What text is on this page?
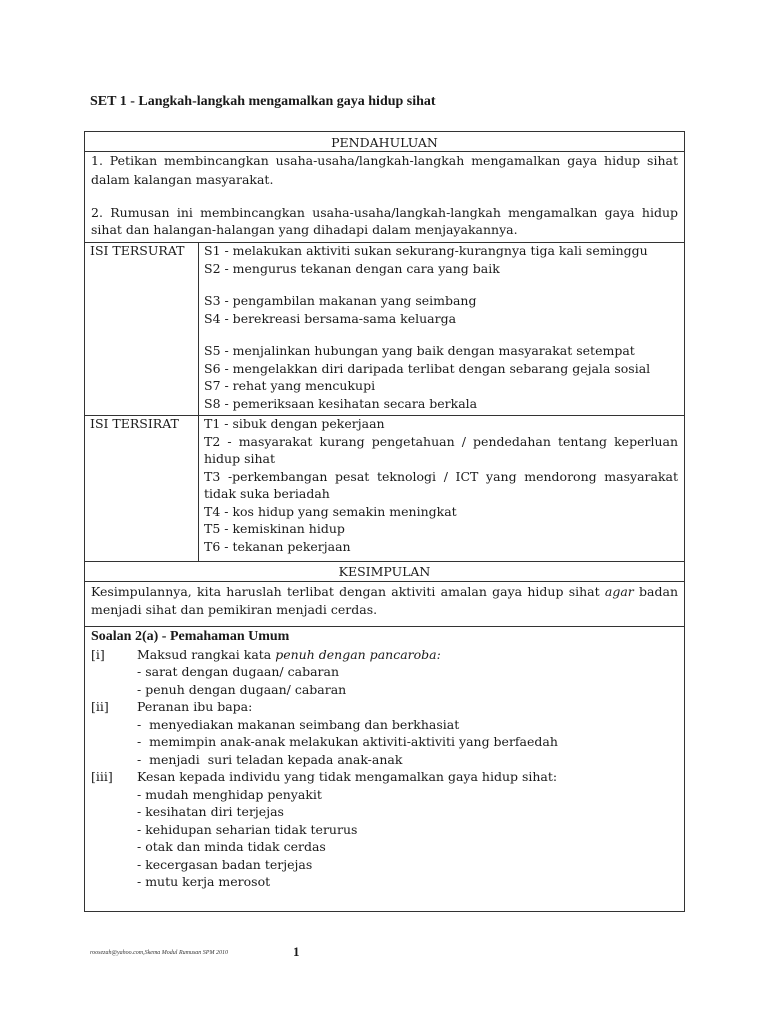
SET 1 - Langkah-langkah mengamalkan gaya hidup sihat
PENDAHULUAN

1. Petikan membincangkan usaha-usaha/langkah-langkah mengamalkan gaya hidup sihat dalam kalangan masyarakat.

2. Rumusan ini membincangkan usaha-usaha/langkah-langkah mengamalkan gaya hidup sihat dan halangan-halangan yang dihadapi dalam menjayakannya.

ISI TERSURAT	S1 - melakukan aktiviti sukan sekurang-kurangnya tiga kali seminggu

S2 - mengurus tekanan dengan cara yang baik

S3 - pengambilan makanan yang seimbang

S4 - berekreasi bersama-sama keluarga

S5 - menjalinkan hubungan yang baik dengan masyarakat setempat

S6 - mengelakkan diri daripada terlibat dengan sebarang gejala sosial

S7 - rehat yang mencukupi

S8 - pemeriksaan kesihatan secara berkala

ISI TERSIRAT	T1 - sibuk dengan pekerjaan

T2 - masyarakat kurang pengetahuan / pendedahan tentang keperluan hidup sihat

T3 -perkembangan pesat teknologi / ICT yang mendorong masyarakat tidak suka beriadah

T4 - kos hidup yang semakin meningkat

T5 - kemiskinan hidup

T6 - tekanan pekerjaan

KESIMPULAN
Kesimpulannya, kita haruslah terlibat dengan aktiviti amalan gaya hidup sihat agar badan menjadi sihat dan pemikiran menjadi cerdas.

Soalan 2(a) - Pemahaman Umum

[i]	Maksud rangkai kata penuh dengan pancaroba:

- sarat dengan dugaan/ cabaran

- penuh dengan dugaan/ cabaran

[ii]	Peranan ibu bapa:

-  menyediakan makanan seimbang dan berkhasiat

-  memimpin anak-anak melakukan aktiviti-aktiviti yang berfaedah

-  menjadi  suri teladan kepada anak-anak

[iii]	Kesan kepada individu yang tidak mengamalkan gaya hidup sihat:

- mudah menghidap penyakit

- kesihatan diri terjejas

- kehidupan seharian tidak terurus

- otak dan minda tidak cerdas

- kecergasan badan terjejas

- mutu kerja merosot

roosezah@yahoo.com,Skema Modul Rumusan SPM 2010	1
